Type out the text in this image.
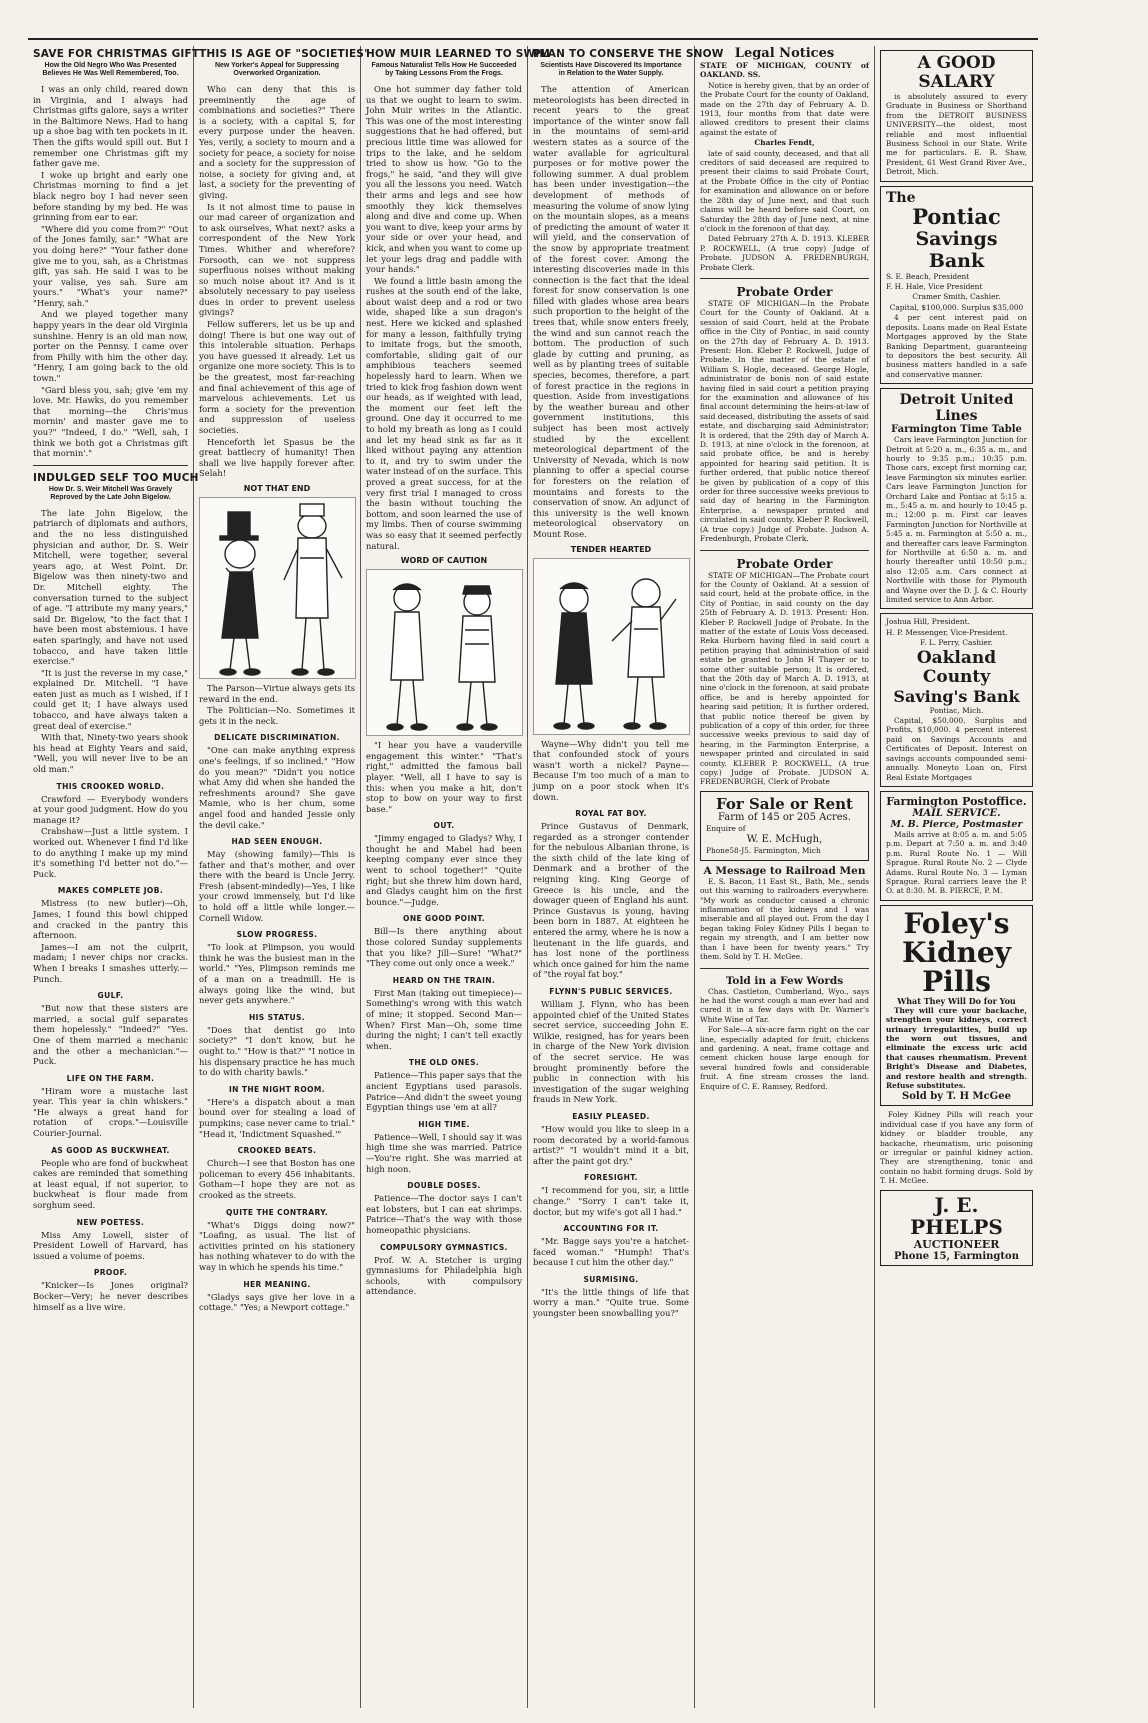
SAVE FOR CHRISTMAS GIFT
How the Old Negro Who Was Presented Believes He Was Well Remembered, Too.

I was an only child, reared down in Virginia, and I always had Christmas gifts galore, says a writer in the Baltimore News. Had to hang up a shoe bag with ten pockets in it. Then the gifts would spill out. But I remember one Christmas gift my father gave me.

I woke up bright and early one Christmas morning to find a jet black negro boy I had never seen before standing by my bed. He was grinning from ear to ear.

"Where did you come from?" "Out of the Jones family, sar." "What are you doing here?" "Your father done give me to you, sah, as a Christmas gift, yas sah. He said I was to be your valise, yes sah. Sure am yours." "What's your name?" "Henry, sah."

And we played together many happy years in the dear old Virginia sunshine. Henry is an old man now, porter on the Pennsy. I came over from Philly with him the other day. "Henry, I am going back to the old town."

"Gard bless you, sah; give 'em my love. Mr. Hawks, do you remember that morning—the Chris'mus mornin' and master gave me to you?" "Indeed, I do." "Well, sah, I think we both got a Christmas gift that mornin'."

INDULGED SELF TOO MUCH
How Dr. S. Weir Mitchell Was Gravely Reproved by the Late John Bigelow.

The late John Bigelow, the patriarch of diplomats and authors, and the no less distinguished physician and author, Dr. S. Weir Mitchell, were together, several years ago, at West Point. Dr. Bigelow was then ninety-two and Dr. Mitchell eighty. The conversation turned to the subject of age. "I attribute my many years," said Dr. Bigelow, "to the fact that I have been most abstemious. I have eaten sparingly, and have not used tobacco, and have taken little exercise."

"It is just the reverse in my case," explained Dr. Mitchell. "I have eaten just as much as I wished, if I could get it; I have always used tobacco, and have always taken a great deal of exercise."

With that, Ninety-two years shook his head at Eighty Years and said, "Well, you will never live to be an old man."

THIS CROOKED WORLD.

Crawford — Everybody wonders at your good judgment. How do you manage it?

Crabshaw—Just a little system. I worked out. Whenever I find I'd like to do anything I make up my mind it's something I'd better not do."—Puck.

MAKES COMPLETE JOB.

Mistress (to new butler)—Oh, James, I found this bowl chipped and cracked in the pantry this afternoon.

James—I am not the culprit, madam; I never chips nor cracks. When I breaks I smashes utterly.—Punch.

GULF.

"But now that these sisters are married, a social gulf separates them hopelessly." "Indeed?" "Yes. One of them married a mechanic and the other a mechanician."—Puck.

LIFE ON THE FARM.

"Hiram wore a mustache last year. This year ia chin whiskers." "He always a great hand for rotation of crops."—Louisville Courier-Journal.

AS GOOD AS BUCKWHEAT.

People who are fond of buckwheat cakes are reminded that something at least equal, if not superior, to buckwheat is flour made from sorghum seed.

NEW POETESS.

Miss Amy Lowell, sister of President Lowell of Harvard, has issued a volume of poems.

PROOF.

"Knicker—Is Jones original? Bocker—Very; he never describes himself as a live wire.

THIS IS AGE OF "SOCIETIES"
New Yorker's Appeal for Suppressing Overworked Organization.

Who can deny that this is preeminently the age of combinations and societies?" There is a society, with a capital S, for every purpose under the heaven. Yes, verily, a society to mourn and a society for peace, a society for noise and a society for the suppression of noise, a society for giving and, at last, a society for the preventing of giving.

Is it not almost time to pause in our mad career of organization and to ask ourselves, What next? asks a correspondent of the New York Times. Whither and wherefore? Forsooth, can we not suppress superfluous noises without making so much noise about it? And is it absolutely necessary to pay useless dues in order to prevent useless givings?

Fellow sufferers, let us be up and doing! There is but one way out of this intolerable situation. Perhaps you have guessed it already. Let us organize one more society. This is to be the greatest, most far-reaching and final achievement of this age of marvelous achievements. Let us form a society for the prevention and suppression of useless societies.

Henceforth let Spasus be the great battlecry of humanity! Then shall we live happily forever after. Selah!

NOT THAT END

The Parson—Virtue always gets its reward in the end.

The Politician—No. Sometimes it gets it in the neck.

DELICATE DISCRIMINATION.

"One can make anything express one's feelings, if so inclined." "How do you mean?" "Didn't you notice what Amy did when she handed the refreshments around? She gave Mamie, who is her chum, some angel food and handed Jessie only the devil cake."

HAD SEEN ENOUGH.

May (showing family)—This is father and that's mother, and over there with the beard is Uncle Jerry. Fresh (absent-mindedly)—Yes, I like your crowd immensely, but I'd like to hold off a little while longer.—Cornell Widow.

SLOW PROGRESS.

"To look at Plimpson, you would think he was the busiest man in the world." "Yes, Plimpson reminds me of a man on a treadmill. He is always going like the wind, but never gets anywhere."

HIS STATUS.

"Does that dentist go into society?" "I don't know, but he ought to." "How is that?" "I notice in his dispensary practice he has much to do with charity bawls."

IN THE NIGHT ROOM.

"Here's a dispatch about a man bound over for stealing a load of pumpkins; case never came to trial." "Head it, 'Indictment Squashed.'"

CROOKED BEATS.

Church—I see that Boston has one policeman to every 456 inhabitants. Gotham—I hope they are not as crooked as the streets.

QUITE THE CONTRARY.

"What's Diggs doing now?" "Loafing, as usual. The list of activities printed on his stationery has nothing whatever to do with the way in which he spends his time."

HER MEANING.

"Gladys says give her love in a cottage." "Yes; a Newport cottage."

HOW MUIR LEARNED TO SWIM
Famous Naturalist Tells How He Succeeded by Taking Lessons From the Frogs.

One hot summer day father told us that we ought to learn to swim. John Muir writes in the Atlantic. This was one of the most interesting suggestions that he had offered, but precious little time was allowed for trips to the lake, and he seldom tried to show us how. "Go to the frogs," he said, "and they will give you all the lessons you need. Watch their arms and legs and see how smoothly they kick themselves along and dive and come up. When you want to dive, keep your arms by your side or over your head, and kick, and when you want to come up let your legs drag and paddle with your hands."

We found a little basin among the rushes at the south end of the lake, about waist deep and a rod or two wide, shaped like a sun dragon's nest. Here we kicked and splashed for many a lesson, faithfully trying to imitate frogs, but the smooth, comfortable, sliding gait of our amphibious teachers seemed hopelessly hard to learn. When we tried to kick frog fashion down went our heads, as if weighted with lead, the moment our feet left the ground. One day it occurred to me to hold my breath as long as I could and let my head sink as far as it liked without paying any attention to it, and try to swim under the water instead of on the surface. This proved a great success, for at the very first trial I managed to cross the basin without touching the bottom, and soon learned the use of my limbs. Then of course swimming was so easy that it seemed perfectly natural.

WORD OF CAUTION

"I hear you have a vauderville engagement this winter." "That's right," admitted the famous ball player. "Well, all I have to say is this: when you make a hit, don't stop to bow on your way to first base."

OUT.

"Jimmy engaged to Gladys? Why, I thought he and Mabel had been keeping company ever since they went to school together!" "Quite right; but she threw him down hard, and Gladys caught him on the first bounce."—Judge.

ONE GOOD POINT.

Bill—Is there anything about those colored Sunday supplements that you like? Jill—Sure! "What?" "They come out only once a week."

HEARD ON THE TRAIN.

First Man (taking out timepiece)—Something's wrong with this watch of mine; it stopped. Second Man—When? First Man—Oh, some time during the night; I can't tell exactly when.

THE OLD ONES.

Patience—This paper says that the ancient Egyptians used parasols. Patrice—And didn't the sweet young Egyptian things use 'em at all?

HIGH TIME.

Patience—Well, I should say it was high time she was married. Patrice—You're right. She was married at high noon.

DOUBLE DOSES.

Patience—The doctor says I can't eat lobsters, but I can eat shrimps. Patrice—That's the way with those homeopathic physicians.

COMPULSORY GYMNASTICS.

Prof. W. A. Stetcher is urging gymnasiums for Philadelphia high schools, with compulsory attendance.

PLAN TO CONSERVE THE SNOW
Scientists Have Discovered Its Importance in Relation to the Water Supply.

The attention of American meteorologists has been directed in recent years to the great importance of the winter snow fall in the mountains of semi-arid western states as a source of the water available for agricultural purposes or for motive power the following summer. A dual problem has been under investigation—the development of methods of measuring the volume of snow lying on the mountain slopes, as a means of predicting the amount of water it will yield, and the conservation of the snow by appropriate treatment of the forest cover. Among the interesting discoveries made in this connection is the fact that the ideal forest for snow conservation is one filled with glades whose area bears such proportion to the height of the trees that, while snow enters freely, the wind and sun cannot reach the bottom. The production of such glade by cutting and pruning, as well as by planting trees of suitable species, becomes, therefore, a part of forest practice in the regions in question. Aside from investigations by the weather bureau and other government institutions, this subject has been most actively studied by the excellent meteorological department of the University of Nevada, which is now planning to offer a special course for foresters on the relation of mountains and forests to the conservation of snow. An adjunct of this university is the well known meteorological observatory on Mount Rose.

TENDER HEARTED

Wayne—Why didn't you tell me that confounded stock of yours wasn't worth a nickel? Payne—Because I'm too much of a man to jump on a poor stock when it's down.

ROYAL FAT BOY.

Prince Gustavus of Denmark, regarded as a stronger contender for the nebulous Albanian throne, is the sixth child of the late king of Denmark and a brother of the reigning king. King George of Greece is his uncle, and the dowager queen of England his aunt. Prince Gustavus is young, having been born in 1887. At eighteen he entered the army, where he is now a lieutenant in the life guards, and has lost none of the portliness which once gained for him the name of "the royal fat boy."

FLYNN'S PUBLIC SERVICES.

William J. Flynn, who has been appointed chief of the United States secret service, succeeding John E. Wilkie, resigned, has for years been in charge of the New York division of the secret service. He was brought prominently before the public in connection with his investigation of the sugar weighing frauds in New York.

EASILY PLEASED.

"How would you like to sleep in a room decorated by a world-famous artist?" "I wouldn't mind it a bit, after the paint got dry."

FORESIGHT.

"I recommend for you, sir, a little change." "Sorry I can't take it, doctor, but my wife's got all I had."

ACCOUNTING FOR IT.

"Mr. Bagge says you're a hatchet-faced woman." "Humph! That's because I cut him the other day."

SURMISING.

"It's the little things of life that worry a man." "Quite true. Some youngster been snowballing you?"

Legal Notices

STATE OF MICHIGAN, COUNTY of OAKLAND. SS.

Notice is hereby given, that by an order of the Probate Court for the county of Oakland, made on the 27th day of February A. D. 1913, four months from that date were allowed creditors to present their claims against the estate of

Charles Fendt,

late of said county, deceased, and that all creditors of said deceased are required to present their claims to said Probate Court, at the Probate Office in the city of Pontiac for examination and allowance on or before the 28th day of June next, and that such claims will be heard before said Court, on Saturday the 28th day of June next, at nine o'clock in the forenoon of that day.

Dated February 27th A. D. 1913. KLEBER P. ROCKWELL, (A true copy) Judge of Probate. JUDSON A. FREDENBURGH, Probate Clerk.

Probate Order

STATE OF MICHIGAN—In the Probate Court for the County of Oakland. At a session of said Court, held at the Probate office in the City of Pontiac, in said county on the 27th day of February A. D. 1913. Present: Hon. Kleber P. Rockwell, Judge of Probate. In the matter of the estate of William S. Hogle, deceased. George Hogle, administrator de bonis non of said estate having filed in said court a petition praying for the examination and allowance of his final account determining the heirs-at-law of said deceased, distributing the assets of said estate, and discharging said Administrator; It is ordered, that the 29th day of March A. D. 1913, at nine o'clock in the forenoon, at said probate office, be and is hereby appointed for hearing said petition. It is further ordered, that public notice thereof be given by publication of a copy of this order for three successive weeks previous to said day of hearing in the Farmington Enterprise, a newspaper printed and circulated in said county. Kleber P. Rockwell, (A true copy.) Judge of Probate. Judson A. Fredenburgh, Probate Clerk.

Probate Order

STATE OF MICHIGAN—The Probate court for the County of Oakland. At a session of said court, held at the probate office, in the City of Pontiac, in said county on the day 25th of February A. D. 1913. Present: Hon. Kleber P. Rockwell Judge of Probate. In the matter of the estate of Louis Voss deceased. Reka Hurborn having filed in said court a petition praying that administration of said estate be granted to John H Thayer or to some other suitable person; It is ordered, that the 20th day of March A. D. 1913, at nine o'clock in the forenoon, at said probate office, be and is hereby appointed for hearing said petition; It is further ordered, that public notice thereof be given by publication of a copy of this order, for three successive weeks previous to said day of hearing, in the Farmington Enterprise, a newspaper printed and circulated in said county. KLEBER P. ROCKWELL, (A true copy.) Judge of Probate. JUDSON A. FREDENBURGH, Clerk of Probate

For Sale or Rent

Farm of 145 or 205 Acres.

Enquire of

W. E. McHugh,

Phone58-J5. Farmington, Mich

A Message to Railroad Men

E. S. Bacon, 11 East St., Bath, Me., sends out this warning to railroaders everywhere: "My work as conductor caused a chronic inflammation of the kidneys and I was miserable and all played out. From the day I began taking Foley Kidney Pills I began to regain my strength, and I am better now than I have been for twenty years." Try them. Sold by T. H. McGee.

Told in a Few Words

Chas. Castleton, Cumberland, Wyo., says he had the worst cough a man ever had and cured it in a few days with Dr. Warner's White Wine of Tar.

For Sale—A six-acre farm right on the car line, especially adapted for fruit, chickens and gardening. A neat, frame cottage and cement chicken house large enough for several hundred fowls and considerable fruit. A fine stream crosses the land. Enquire of C. E. Ramsey, Redford.

A GOOD SALARY

is absolutely assured to every Graduate in Business or Shorthand from the DETROIT BUSINESS UNIVERSITY—the oldest, most reliable and most influential Business School in our State. Write me for particulars. E. R. Shaw, President, 61 West Grand River Ave., Detroit, Mich.

The
Pontiac
Savings Bank

S. E. Beach, President

F. H. Hale, Vice President

Cramer Smith, Cashier.

Capital, $100,000. Surplus $35,000

4 per cent interest paid on deposits. Loans made on Real Estate Mortgages approved by the State Banking Department, guaranteeing to depositors the best security. All business matters handled in a safe and conservative manner.

Detroit United Lines
Farmington Time Table

Cars leave Farmington Junction for Detroit at 5:20 a. m., 6:35 a. m., and hourly to 9:35 p.m.; 10:35 p.m. Those cars, except first morning car, leave Farmington six minutes earlier. Cars leave Farmington Junction for Orchard Lake and Pontiac at 5:15 a. m., 5:45 a. m. and hourly to 10:45 p. m.; 12:00 p. m. First car leaves Farmington Junction for Northville at 5:45 a. m. Farmington at 5:50 a. m., and thereafter cars leave Farmington for Northville at 6:50 a. m. and hourly thereafter until 10:50 p.m.; also 12:05 a.m. Cars connect at Northville with those for Plymouth and Wayne over the D. J. & C. Hourly limited service to Ann Arbor.

Joshua Hill, President.

H. P. Messenger, Vice-President.

F. L. Perry, Cashier.

Oakland County
Saving's Bank

Pontiac, Mich.

Capital, $50,000, Surplus and Profits, $10,000. 4 percent interest paid on Savings Accounts and Certificates of Deposit. Interest on savings accounts compounded semi-annually. Moneyto Loan on, First Real Estate Mortgages

Farmington Postoffice.
MAIL SERVICE.
M. B. Pierce, Postmaster

Mails arrive at 8:05 a. m. and 5:05 p.m. Depart at 7:50 a. m. and 3:40 p.m. Rural Route No. 1 — Will Sprague. Rural Route No. 2 — Clyde Adams. Rural Route No. 3 — Lyman Sprague. Rural carriers leave the P. O. at 8:30. M. B. PIERCE, P. M.

Foley's
Kidney
Pills
What They Will Do for You

They will cure your backache, strengthen your kidneys, correct urinary irregularities, build up the worn out tissues, and eliminate the excess uric acid that causes rheumatism. Prevent Bright's Disease and Diabetes, and restore health and strength. Refuse substitutes.

Sold by T. H McGee

Foley Kidney Pills will reach your individual case if you have any form of kidney or bladder trouble, any backache, rheumatism, uric poisoning or irregular or painful kidney action. They are strengthening, tonic and contain no habit forming drugs. Sold by T. H. McGee.

J. E. PHELPS
AUCTIONEER
Phone 15, Farmington
